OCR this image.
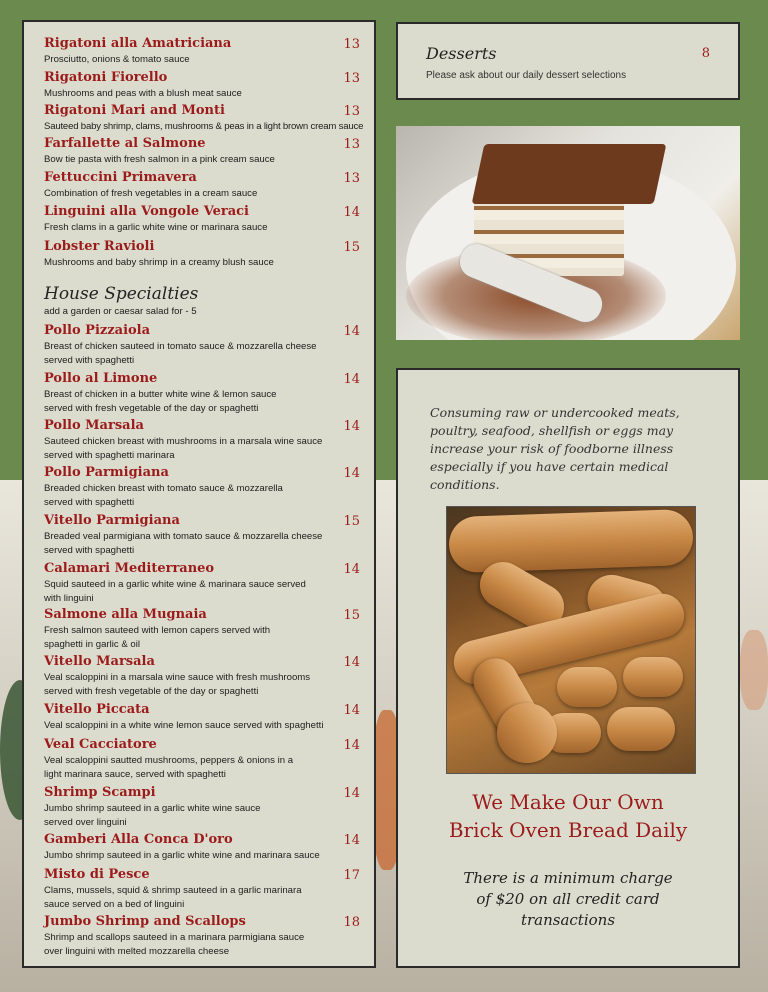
Rigatoni alla Amatriciana	13
Prosciutto, onions & tomato sauce
Rigatoni Fiorello	13
Mushrooms and peas with a blush meat sauce
Rigatoni Mari and Monti	13
Sauteed baby shrimp, clams, mushrooms & peas in a light brown cream sauce
Farfallette al Salmone	13
Bow tie pasta with fresh salmon in a pink cream sauce
Fettuccini Primavera	13
Combination of fresh vegetables in a cream sauce
Linguini alla Vongole Veraci	14
Fresh clams in a garlic white wine or marinara sauce
Lobster Ravioli	15
Mushrooms and baby shrimp in a creamy blush sauce
House Specialties
add a garden or caesar salad for - 5
Pollo Pizzaiola	14
Breast of chicken sauteed in tomato sauce & mozzarella cheese
served with spaghetti
Pollo al Limone	14
Breast of chicken in a butter white wine & lemon sauce
served with fresh vegetable of the day or spaghetti
Pollo Marsala	14
Sauteed chicken breast with mushrooms in a marsala wine sauce
served with spaghetti marinara
Pollo Parmigiana	14
Breaded chicken breast with tomato sauce & mozzarella
served with spaghetti
Vitello Parmigiana	15
Breaded veal parmigiana with tomato sauce & mozzarella cheese
served with spaghetti
Calamari Mediterraneo	14
Squid sauteed in a garlic white wine & marinara sauce served
with linguini
Salmone alla Mugnaia	15
Fresh salmon sauteed with lemon capers served with
spaghetti in garlic & oil
Vitello Marsala	14
Veal scaloppini in a marsala wine sauce with fresh mushrooms
served with fresh vegetable of the day or spaghetti
Vitello Piccata	14
Veal scaloppini in a white wine lemon sauce served with spaghetti
Veal Cacciatore	14
Veal scaloppini sautted mushrooms, peppers & onions in a
light marinara sauce, served with spaghetti
Shrimp Scampi	14
Jumbo shrimp sauteed in a garlic white wine sauce
served over linguini
Gamberi Alla Conca D'oro	14
Jumbo shrimp sauteed in a garlic white wine and marinara sauce
Misto di Pesce	17
Clams, mussels, squid & shrimp sauteed in a garlic marinara
sauce served on a bed of linguini
Jumbo Shrimp and Scallops	18
Shrimp and scallops sauteed in a marinara parmigiana sauce
over linguini with melted mozzarella cheese
Desserts	8
Please ask about our daily dessert selections
Consuming raw or undercooked meats, poultry, seafood, shellfish or eggs may increase your risk of foodborne illness especially if you have certain medical conditions.
We Make Our Own
Brick Oven Bread Daily
There is a minimum charge
of $20 on all credit card
transactions
